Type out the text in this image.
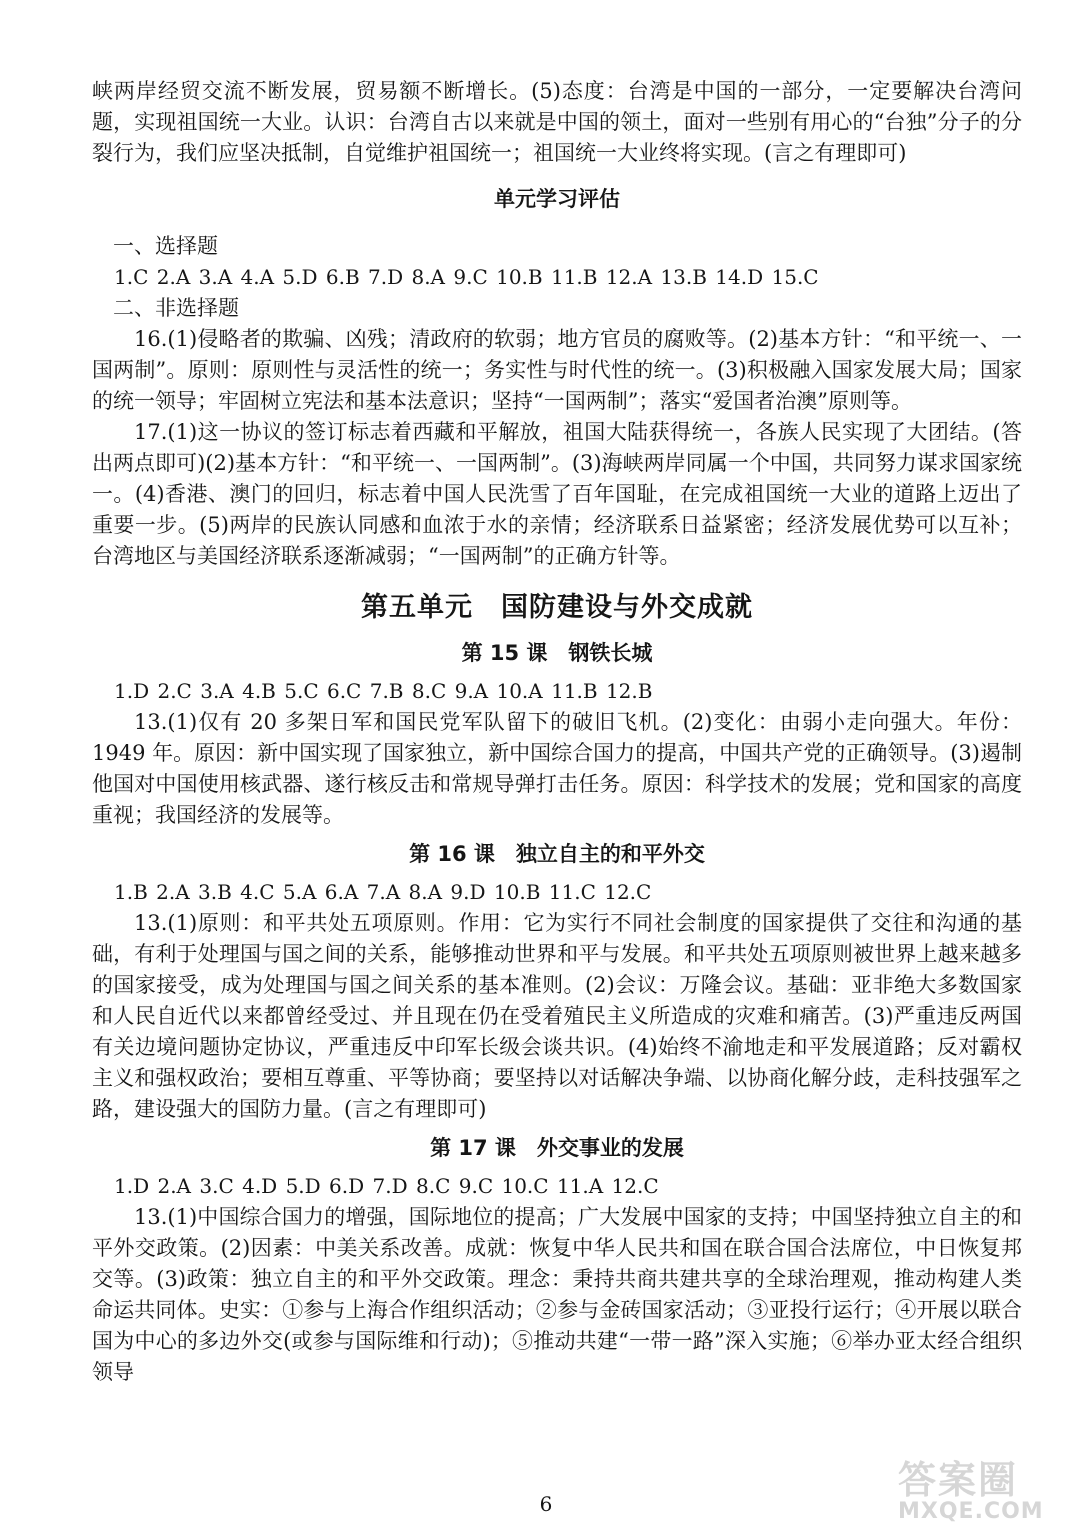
峡两岸经贸交流不断发展，贸易额不断增长。(5)态度：台湾是中国的一部分，一定要解决台湾问题，实现祖国统一大业。认识：台湾自古以来就是中国的领土，面对一些别有用心的“台独”分子的分裂行为，我们应坚决抵制，自觉维护祖国统一；祖国统一大业终将实现。(言之有理即可)

单元学习评估

一、选择题

1.C 2.A 3.A 4.A 5.D 6.B 7.D 8.A 9.C 10.B 11.B 12.A 13.B 14.D 15.C

二、非选择题

16.(1)侵略者的欺骗、凶残；清政府的软弱；地方官员的腐败等。(2)基本方针：“和平统一、一国两制”。原则：原则性与灵活性的统一；务实性与时代性的统一。(3)积极融入国家发展大局；国家的统一领导；牢固树立宪法和基本法意识；坚持“一国两制”；落实“爱国者治澳”原则等。

17.(1)这一协议的签订标志着西藏和平解放，祖国大陆获得统一，各族人民实现了大团结。(答出两点即可)(2)基本方针：“和平统一、一国两制”。(3)海峡两岸同属一个中国，共同努力谋求国家统一。(4)香港、澳门的回归，标志着中国人民洗雪了百年国耻，在完成祖国统一大业的道路上迈出了重要一步。(5)两岸的民族认同感和血浓于水的亲情；经济联系日益紧密；经济发展优势可以互补；台湾地区与美国经济联系逐渐减弱；“一国两制”的正确方针等。

第五单元　国防建设与外交成就
第 15 课　钢铁长城

1.D 2.C 3.A 4.B 5.C 6.C 7.B 8.C 9.A 10.A 11.B 12.B

13.(1)仅有 20 多架日军和国民党军队留下的破旧飞机。(2)变化：由弱小走向强大。年份：1949 年。原因：新中国实现了国家独立，新中国综合国力的提高，中国共产党的正确领导。(3)遏制他国对中国使用核武器、遂行核反击和常规导弹打击任务。原因：科学技术的发展；党和国家的高度重视；我国经济的发展等。

第 16 课　独立自主的和平外交

1.B 2.A 3.B 4.C 5.A 6.A 7.A 8.A 9.D 10.B 11.C 12.C

13.(1)原则：和平共处五项原则。作用：它为实行不同社会制度的国家提供了交往和沟通的基础，有利于处理国与国之间的关系，能够推动世界和平与发展。和平共处五项原则被世界上越来越多的国家接受，成为处理国与国之间关系的基本准则。(2)会议：万隆会议。基础：亚非绝大多数国家和人民自近代以来都曾经受过、并且现在仍在受着殖民主义所造成的灾难和痛苦。(3)严重违反两国有关边境问题协定协议，严重违反中印军长级会谈共识。(4)始终不渝地走和平发展道路；反对霸权主义和强权政治；要相互尊重、平等协商；要坚持以对话解决争端、以协商化解分歧，走科技强军之路，建设强大的国防力量。(言之有理即可)

第 17 课　外交事业的发展

1.D 2.A 3.C 4.D 5.D 6.D 7.D 8.C 9.C 10.C 11.A 12.C

13.(1)中国综合国力的增强，国际地位的提高；广大发展中国家的支持；中国坚持独立自主的和平外交政策。(2)因素：中美关系改善。成就：恢复中华人民共和国在联合国合法席位，中日恢复邦交等。(3)政策：独立自主的和平外交政策。理念：秉持共商共建共享的全球治理观，推动构建人类命运共同体。史实：①参与上海合作组织活动；②参与金砖国家活动；③亚投行运行；④开展以联合国为中心的多边外交(或参与国际维和行动)；⑤推动共建“一带一路”深入实施；⑥举办亚太经合组织领导

6
答案圈
MXQE.COM
